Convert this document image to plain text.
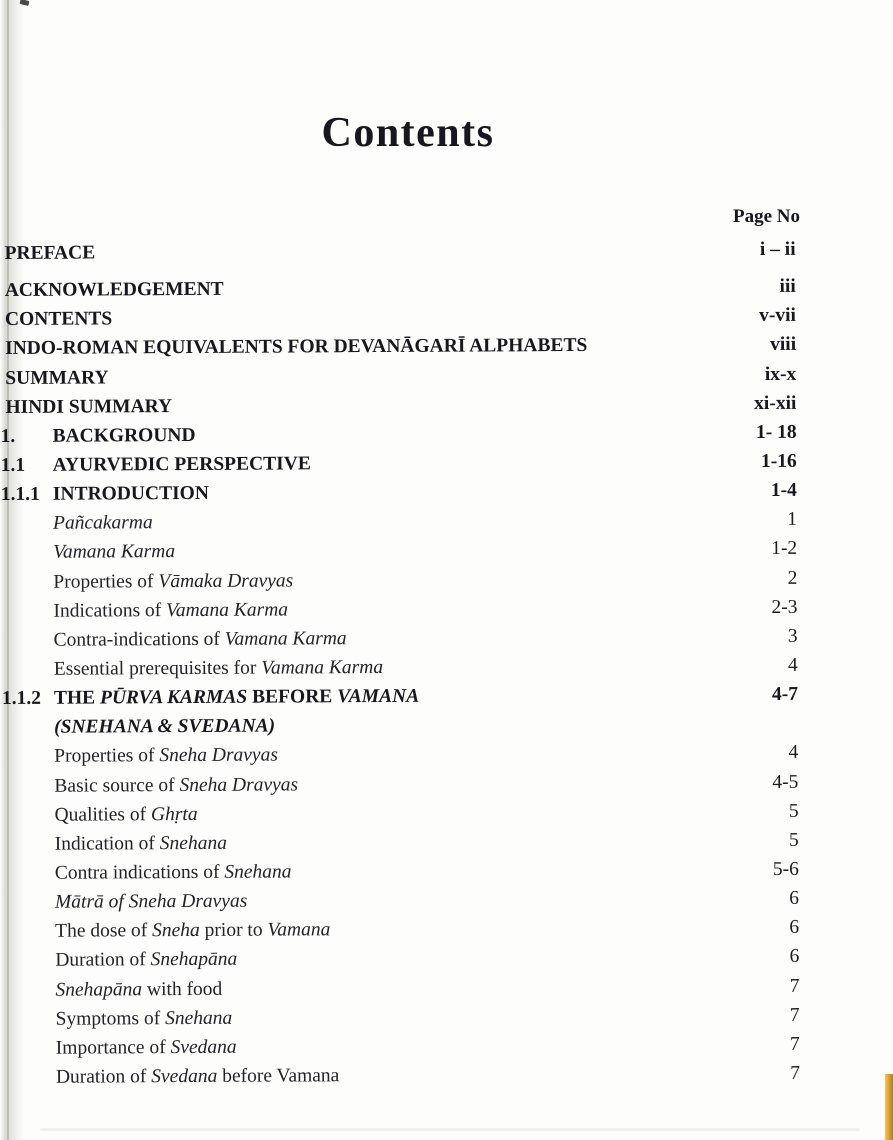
Contents
Page No
PREFACE	i – ii
ACKNOWLEDGEMENT	iii
CONTENTS	v-vii
INDO-ROMAN EQUIVALENTS FOR DEVANĀGARĪ ALPHABETS	viii
SUMMARY	ix-x
HINDI SUMMARY	xi-xii
1. BACKGROUND	1- 18
1.1 AYURVEDIC PERSPECTIVE	1-16
1.1.1 INTRODUCTION	1-4
Pañcakarma	1
Vamana Karma	1-2
Properties of Vāmaka Dravyas	2
Indications of Vamana Karma	2-3
Contra-indications of Vamana Karma	3
Essential prerequisites for Vamana Karma	4
1.1.2 THE PŪRVA KARMAS BEFORE VAMANA	4-7
(SNEHANA & SVEDANA)
Properties of Sneha Dravyas	4
Basic source of Sneha Dravyas	4-5
Qualities of Ghṛta	5
Indication of Snehana	5
Contra indications of Snehana	5-6
Mātrā of Sneha Dravyas	6
The dose of Sneha prior to Vamana	6
Duration of Snehapāna	6
Snehapāna with food	7
Symptoms of Snehana	7
Importance of Svedana	7
Duration of Svedana before Vamana	7
